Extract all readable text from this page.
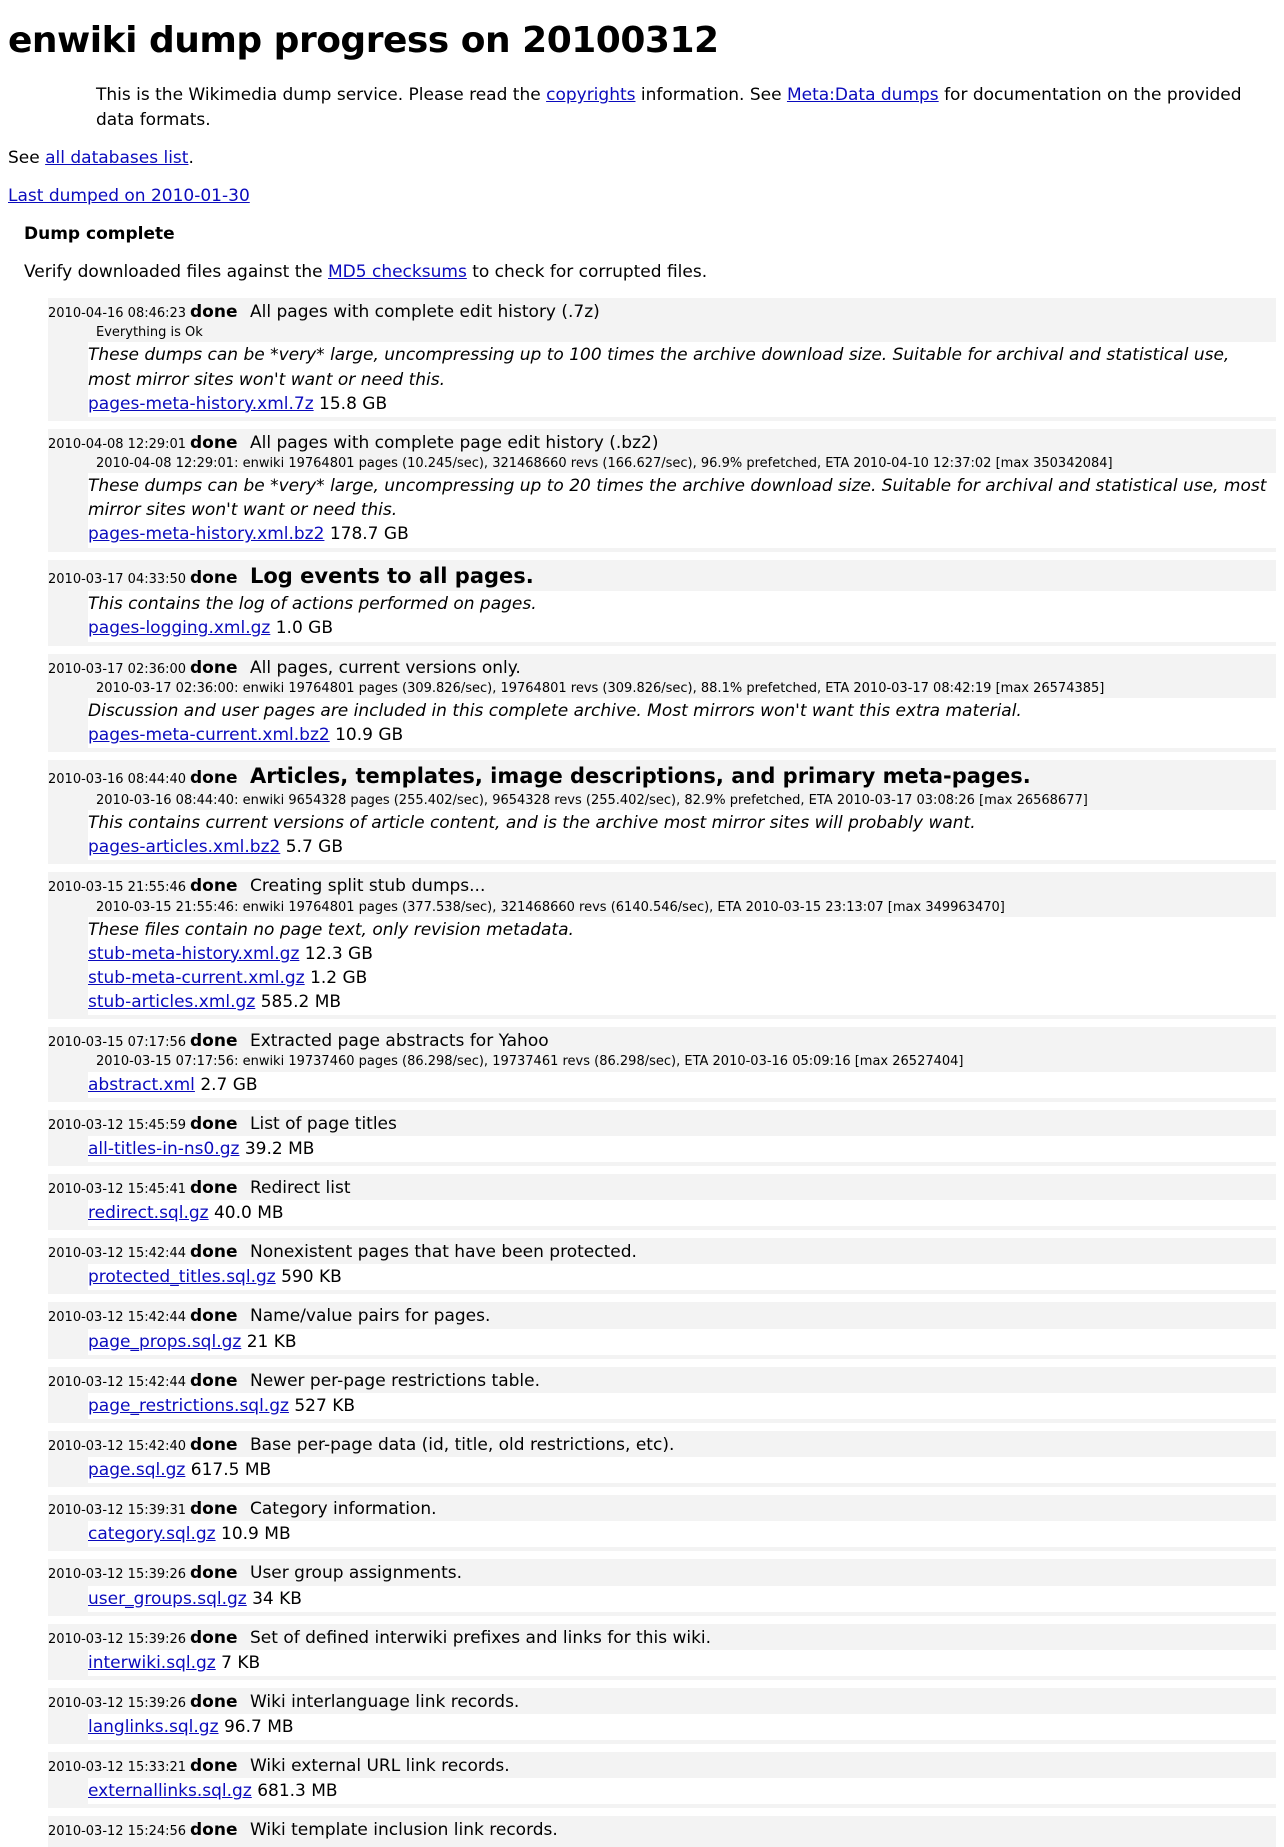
enwiki dump progress on 20100312

This is the Wikimedia dump service. Please read the copyrights information. See Meta:Data dumps for documentation on the provided data formats.

See all databases list.

Last dumped on 2010-01-30

Dump complete

Verify downloaded files against the MD5 checksums to check for corrupted files.

2010-04-16 08:46:23 done All pages with complete edit history (.7z)
Everything is Ok
These dumps can be *very* large, uncompressing up to 100 times the archive download size. Suitable for archival and statistical use, most mirror sites won't want or need this.
pages-meta-history.xml.7z 15.8 GB
2010-04-08 12:29:01 done All pages with complete page edit history (.bz2)
2010-04-08 12:29:01: enwiki 19764801 pages (10.245/sec), 321468660 revs (166.627/sec), 96.9% prefetched, ETA 2010-04-10 12:37:02 [max 350342084]
These dumps can be *very* large, uncompressing up to 20 times the archive download size. Suitable for archival and statistical use, most mirror sites won't want or need this.
pages-meta-history.xml.bz2 178.7 GB
2010-03-17 04:33:50 done Log events to all pages.
This contains the log of actions performed on pages.
pages-logging.xml.gz 1.0 GB
2010-03-17 02:36:00 done All pages, current versions only.
2010-03-17 02:36:00: enwiki 19764801 pages (309.826/sec), 19764801 revs (309.826/sec), 88.1% prefetched, ETA 2010-03-17 08:42:19 [max 26574385]
Discussion and user pages are included in this complete archive. Most mirrors won't want this extra material.
pages-meta-current.xml.bz2 10.9 GB
2010-03-16 08:44:40 done Articles, templates, image descriptions, and primary meta-pages.
2010-03-16 08:44:40: enwiki 9654328 pages (255.402/sec), 9654328 revs (255.402/sec), 82.9% prefetched, ETA 2010-03-17 03:08:26 [max 26568677]
This contains current versions of article content, and is the archive most mirror sites will probably want.
pages-articles.xml.bz2 5.7 GB
2010-03-15 21:55:46 done Creating split stub dumps...
2010-03-15 21:55:46: enwiki 19764801 pages (377.538/sec), 321468660 revs (6140.546/sec), ETA 2010-03-15 23:13:07 [max 349963470]
These files contain no page text, only revision metadata.
stub-meta-history.xml.gz 12.3 GB
stub-meta-current.xml.gz 1.2 GB
stub-articles.xml.gz 585.2 MB
2010-03-15 07:17:56 done Extracted page abstracts for Yahoo
2010-03-15 07:17:56: enwiki 19737460 pages (86.298/sec), 19737461 revs (86.298/sec), ETA 2010-03-16 05:09:16 [max 26527404]
abstract.xml 2.7 GB
2010-03-12 15:45:59 done List of page titles
all-titles-in-ns0.gz 39.2 MB
2010-03-12 15:45:41 done Redirect list
redirect.sql.gz 40.0 MB
2010-03-12 15:42:44 done Nonexistent pages that have been protected.
protected_titles.sql.gz 590 KB
2010-03-12 15:42:44 done Name/value pairs for pages.
page_props.sql.gz 21 KB
2010-03-12 15:42:44 done Newer per-page restrictions table.
page_restrictions.sql.gz 527 KB
2010-03-12 15:42:40 done Base per-page data (id, title, old restrictions, etc).
page.sql.gz 617.5 MB
2010-03-12 15:39:31 done Category information.
category.sql.gz 10.9 MB
2010-03-12 15:39:26 done User group assignments.
user_groups.sql.gz 34 KB
2010-03-12 15:39:26 done Set of defined interwiki prefixes and links for this wiki.
interwiki.sql.gz 7 KB
2010-03-12 15:39:26 done Wiki interlanguage link records.
langlinks.sql.gz 96.7 MB
2010-03-12 15:33:21 done Wiki external URL link records.
externallinks.sql.gz 681.3 MB
2010-03-12 15:24:56 done Wiki template inclusion link records.
